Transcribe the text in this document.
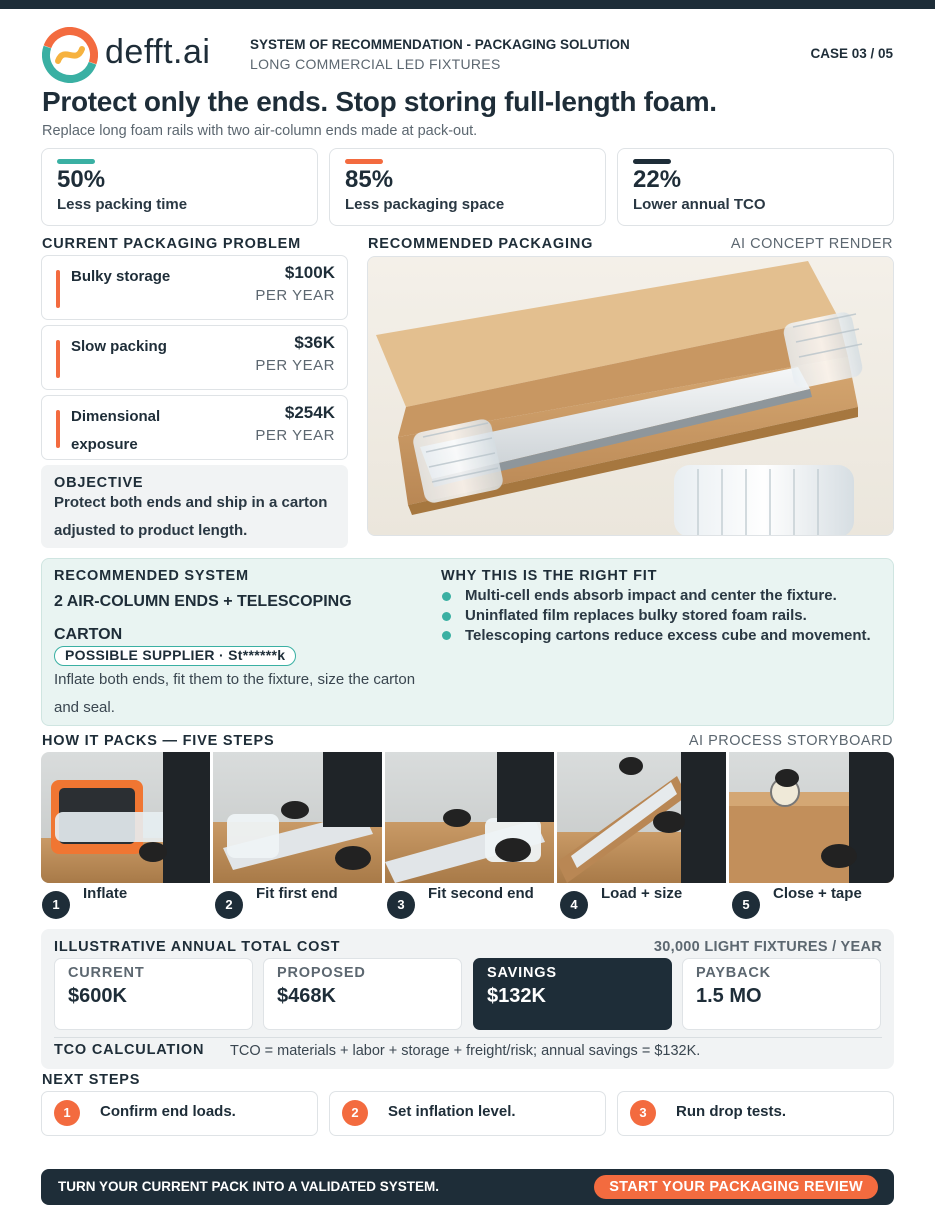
defft.ai	SYSTEM OF RECOMMENDATION - PACKAGING SOLUTION
LONG COMMERCIAL LED FIXTURES
CASE 03 / 05
Protect only the ends. Stop storing full-length foam.
Replace long foam rails with two air-column ends made at pack-out.
50%
Less packing time
85%
Less packaging space
22%
Lower annual TCO
CURRENT PACKAGING PROBLEM
Bulky storage	$100K
PER YEAR
Slow packing	$36K
PER YEAR
Dimensional exposure
$254K
PER YEAR
OBJECTIVE
Protect both ends and ship in a carton adjusted to product length.
RECOMMENDED PACKAGING	AI CONCEPT RENDER
RECOMMENDED SYSTEM
2 AIR-COLUMN ENDS + TELESCOPING CARTON
POSSIBLE SUPPLIER · St******k
Inflate both ends, fit them to the fixture, size the carton and seal.
WHY THIS IS THE RIGHT FIT
Multi-cell ends absorb impact and center the fixture.
Uninflated film replaces bulky stored foam rails.
Telescoping cartons reduce excess cube and movement.
HOW IT PACKS — FIVE STEPS	AI PROCESS STORYBOARD
1
Inflate
2
Fit first end
3
Fit second end
4
Load + size
5
Close + tape
ILLUSTRATIVE ANNUAL TOTAL COST	30,000 LIGHT FIXTURES / YEAR
CURRENT
$600K
PROPOSED
$468K
SAVINGS
$132K
PAYBACK
1.5 MO
TCO CALCULATION TCO = materials + labor + storage + freight/risk; annual savings = $132K.
NEXT STEPS
1	Confirm end loads.	2	Set inflation level.	3	Run drop tests.
TURN YOUR CURRENT PACK INTO A VALIDATED SYSTEM.	START YOUR PACKAGING REVIEW
